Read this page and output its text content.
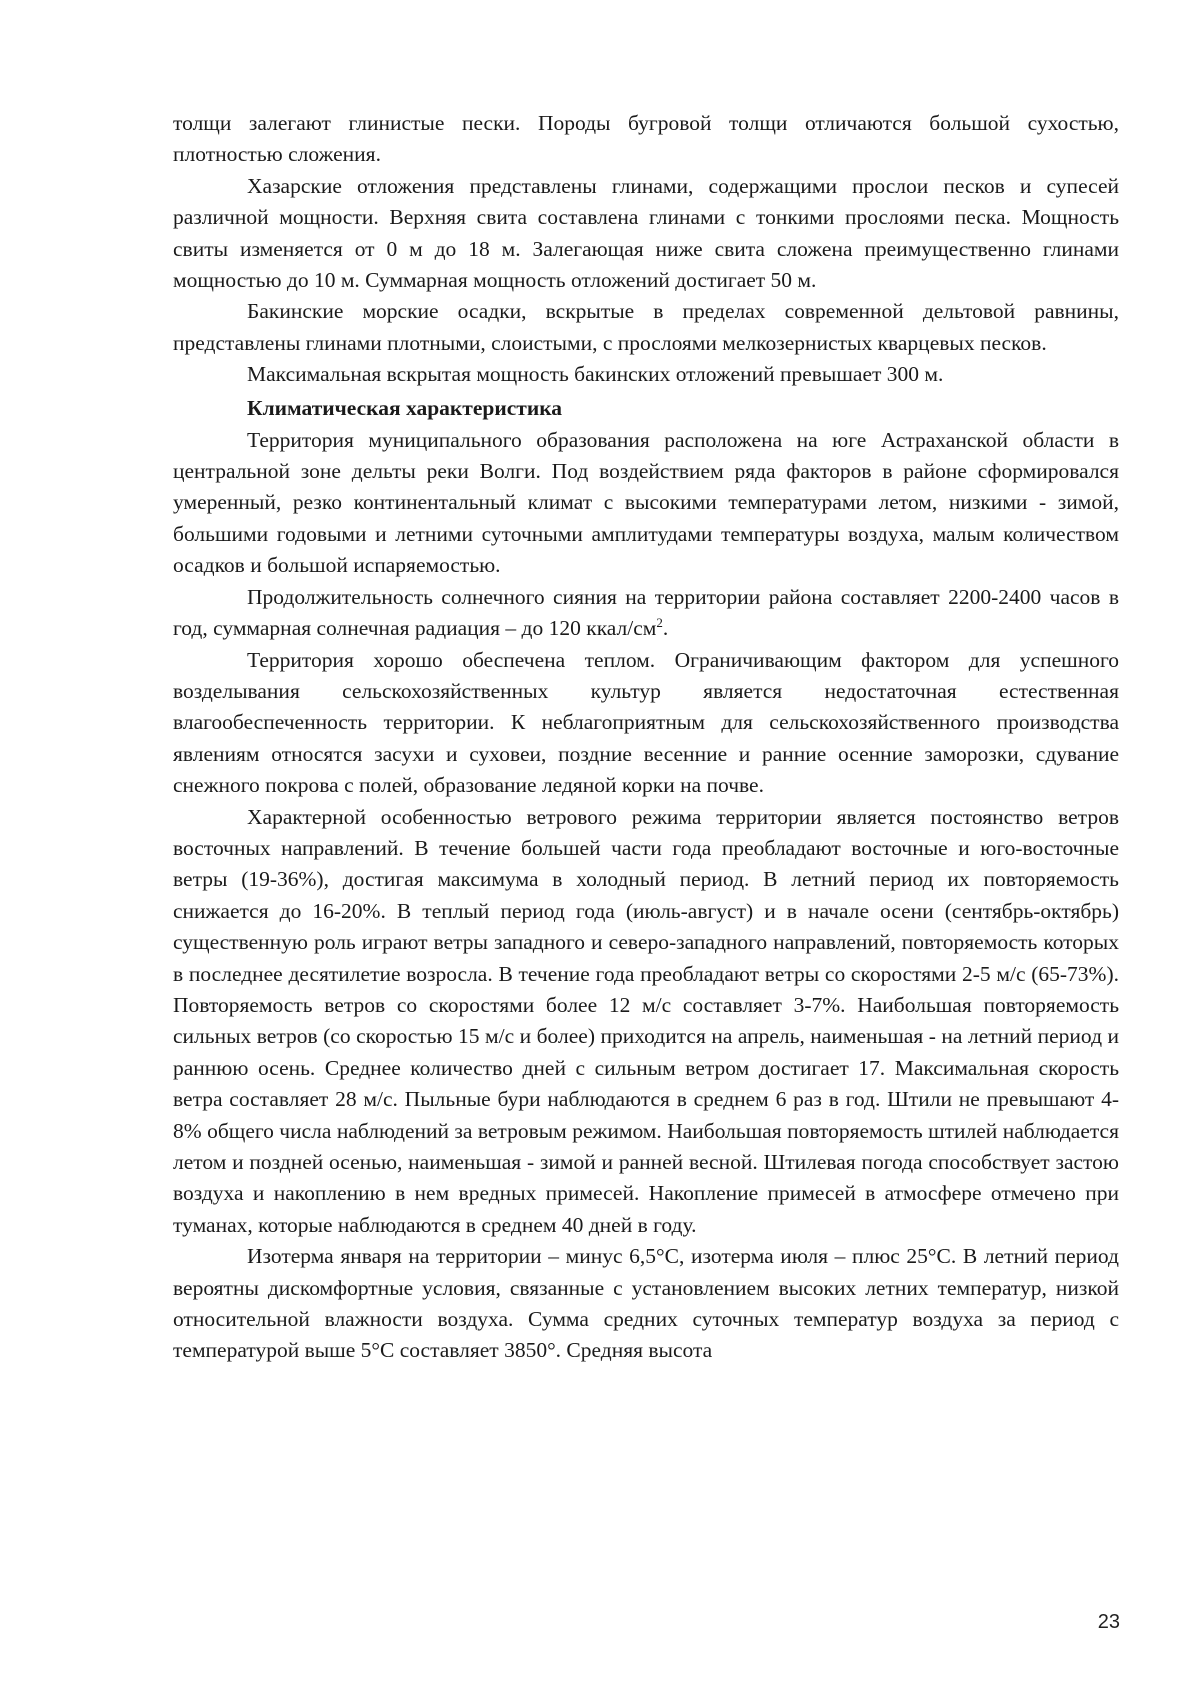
толщи залегают глинистые пески. Породы бугровой толщи отличаются большой сухостью, плотностью сложения.

Хазарские отложения представлены глинами, содержащими прослои песков и супесей различной мощности. Верхняя свита составлена глинами с тонкими прослоями песка. Мощность свиты изменяется от 0 м до 18 м. Залегающая ниже свита сложена преимущественно глинами мощностью до 10 м. Суммарная мощность отложений достигает 50 м.

Бакинские морские осадки, вскрытые в пределах современной дельтовой равнины, представлены глинами плотными, слоистыми, с прослоями мелкозернистых кварцевых песков.

Максимальная вскрытая мощность бакинских отложений превышает 300 м.

Климатическая характеристика

Территория муниципального образования расположена на юге Астраханской области в центральной зоне дельты реки Волги. Под воздействием ряда факторов в районе сформировался умеренный, резко континентальный климат с высокими температурами летом, низкими - зимой, большими годовыми и летними суточными амплитудами температуры воздуха, малым количеством осадков и большой испаряемостью.

Продолжительность солнечного сияния на территории района составляет 2200-2400 часов в год, суммарная солнечная радиация – до 120 ккал/$см^2$.

Территория хорошо обеспечена теплом. Ограничивающим фактором для успешного возделывания сельскохозяйственных культур является недостаточная естественная влагообеспеченность территории. К неблагоприятным для сельскохозяйственного производства явлениям относятся засухи и суховеи, поздние весенние и ранние осенние заморозки, сдувание снежного покрова с полей, образование ледяной корки на почве.

Характерной особенностью ветрового режима территории является постоянство ветров восточных направлений. В течение большей части года преобладают восточные и юго-восточные ветры (19-36%), достигая максимума в холодный период. В летний период их повторяемость снижается до 16-20%. В теплый период года (июль-август) и в начале осени (сентябрь-октябрь) существенную роль играют ветры западного и северо-западного направлений, повторяемость которых в последнее десятилетие возросла. В течение года преобладают ветры со скоростями 2-5 м/с (65-73%). Повторяемость ветров со скоростями более 12 м/с составляет 3-7%. Наибольшая повторяемость сильных ветров (со скоростью 15 м/с и более) приходится на апрель, наименьшая - на летний период и раннюю осень. Среднее количество дней с сильным ветром достигает 17. Максимальная скорость ветра составляет 28 м/с. Пыльные бури наблюдаются в среднем 6 раз в год. Штили не превышают 4-8% общего числа наблюдений за ветровым режимом. Наибольшая повторяемость штилей наблюдается летом и поздней осенью, наименьшая - зимой и ранней весной. Штилевая погода способствует застою воздуха и накоплению в нем вредных примесей. Накопление примесей в атмосфере отмечено при туманах, которые наблюдаются в среднем 40 дней в году.

Изотерма января на территории – минус 6,5°С, изотерма июля – плюс 25°С. В летний период вероятны дискомфортные условия, связанные с установлением высоких летних температур, низкой относительной влажности воздуха. Сумма средних суточных температур воздуха за период с температурой выше 5°С составляет 3850°. Средняя высота

23
